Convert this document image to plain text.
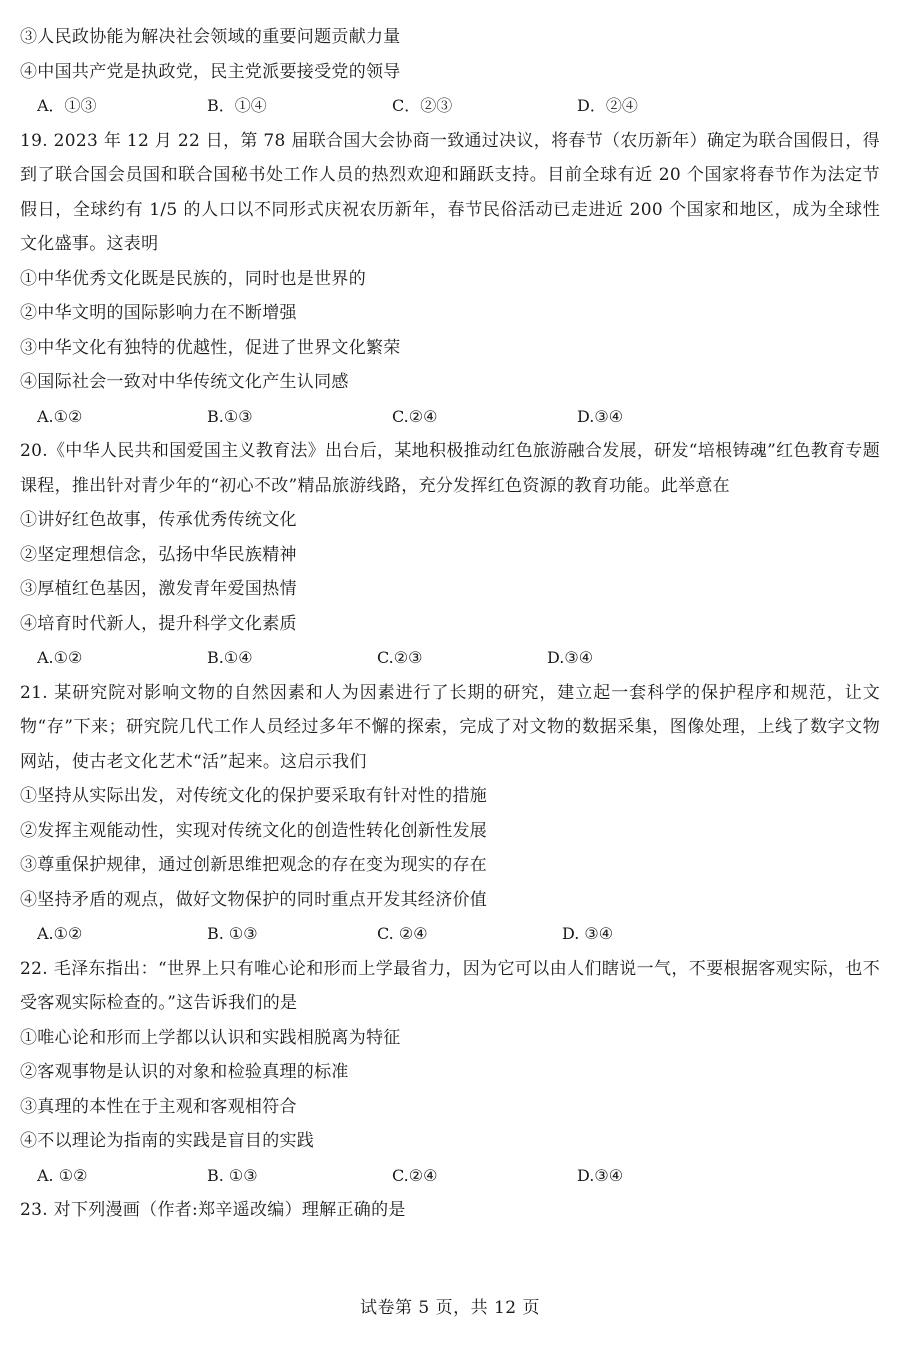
③人民政协能为解决社会领域的重要问题贡献力量
④中国共产党是执政党，民主党派要接受党的领导
A．①③	B．①④	C．②③	D．②④
19. 2023 年 12 月 22 日，第 78 届联合国大会协商一致通过决议，将春节（农历新年）确定为联合国假日，得到了联合国会员国和联合国秘书处工作人员的热烈欢迎和踊跃支持。目前全球有近 20 个国家将春节作为法定节假日，全球约有 1/5 的人口以不同形式庆祝农历新年，春节民俗活动已走进近 200 个国家和地区，成为全球性文化盛事。这表明
①中华优秀文化既是民族的，同时也是世界的
②中华文明的国际影响力在不断增强
③中华文化有独特的优越性，促进了世界文化繁荣
④国际社会一致对中华传统文化产生认同感
A.①②	B.①③	C.②④	D.③④
20.《中华人民共和国爱国主义教育法》出台后，某地积极推动红色旅游融合发展，研发“培根铸魂”红色教育专题课程，推出针对青少年的“初心不改”精品旅游线路，充分发挥红色资源的教育功能。此举意在
①讲好红色故事，传承优秀传统文化
②坚定理想信念，弘扬中华民族精神
③厚植红色基因，激发青年爱国热情
④培育时代新人，提升科学文化素质
A.①②	B.①④	C.②③	D.③④
21. 某研究院对影响文物的自然因素和人为因素进行了长期的研究，建立起一套科学的保护程序和规范，让文物“存”下来；研究院几代工作人员经过多年不懈的探索，完成了对文物的数据采集，图像处理，上线了数字文物网站，使古老文化艺术“活”起来。这启示我们
①坚持从实际出发，对传统文化的保护要采取有针对性的措施
②发挥主观能动性，实现对传统文化的创造性转化创新性发展
③尊重保护规律，通过创新思维把观念的存在变为现实的存在
④坚持矛盾的观点，做好文物保护的同时重点开发其经济价值
A.①②	B. ①③	C. ②④	D. ③④
22. 毛泽东指出：“世界上只有唯心论和形而上学最省力，因为它可以由人们瞎说一气，不要根据客观实际，也不受客观实际检查的。”这告诉我们的是
①唯心论和形而上学都以认识和实践相脱离为特征
②客观事物是认识的对象和检验真理的标准
③真理的本性在于主观和客观相符合
④不以理论为指南的实践是盲目的实践
A. ①②	B. ①③	C.②④	D.③④
23. 对下列漫画（作者:郑辛遥改编）理解正确的是
试卷第 5 页，共 12 页
